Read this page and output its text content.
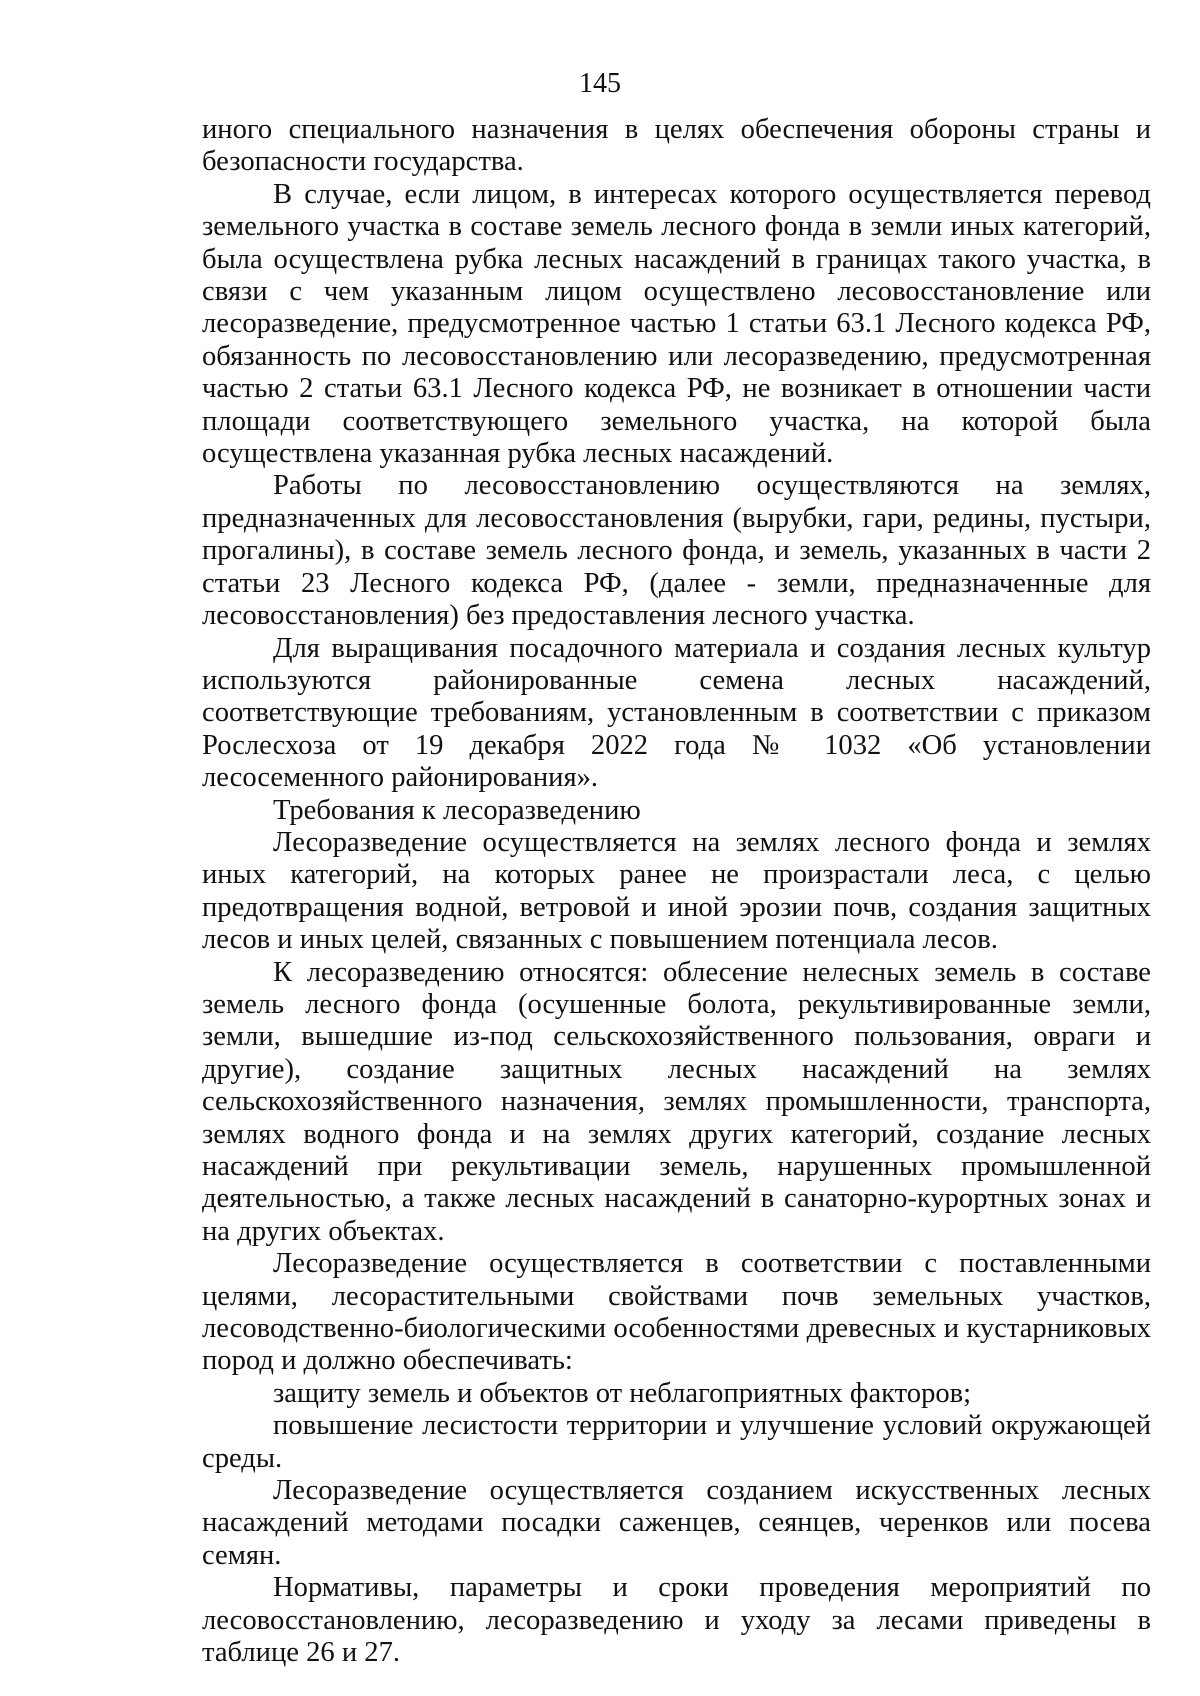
145

иного специального назначения в целях обеспечения обороны страны и безопасности государства.

В случае, если лицом, в интересах которого осуществляется перевод земельного участка в составе земель лесного фонда в земли иных категорий, была осуществлена рубка лесных насаждений в границах такого участка, в связи с чем указанным лицом осуществлено лесовосстановление или лесоразведение, предусмотренное частью 1 статьи 63.1 Лесного кодекса РФ, обязанность по лесовосстановлению или лесоразведению, предусмотренная частью 2 статьи 63.1 Лесного кодекса РФ, не возникает в отношении части площади соответствующего земельного участка, на которой была осуществлена указанная рубка лесных насаждений.

Работы по лесовосстановлению осуществляются на землях, предназначенных для лесовосстановления (вырубки, гари, редины, пустыри, прогалины), в составе земель лесного фонда, и земель, указанных в части 2 статьи 23 Лесного кодекса РФ, (далее - земли, предназначенные для лесовосстановления) без предоставления лесного участка.

Для выращивания посадочного материала и создания лесных культур используются районированные семена лесных насаждений, соответствующие требованиям, установленным в соответствии с приказом Рослесхоза от 19 декабря 2022 года № 1032 «Об установлении лесосеменного районирования».

Требования к лесоразведению

Лесоразведение осуществляется на землях лесного фонда и землях иных категорий, на которых ранее не произрастали леса, с целью предотвращения водной, ветровой и иной эрозии почв, создания защитных лесов и иных целей, связанных с повышением потенциала лесов.

К лесоразведению относятся: облесение нелесных земель в составе земель лесного фонда (осушенные болота, рекультивированные земли, земли, вышедшие из-под сельскохозяйственного пользования, овраги и другие), создание защитных лесных насаждений на землях сельскохозяйственного назначения, землях промышленности, транспорта, землях водного фонда и на землях других категорий, создание лесных насаждений при рекультивации земель, нарушенных промышленной деятельностью, а также лесных насаждений в санаторно-курортных зонах и на других объектах.

Лесоразведение осуществляется в соответствии с поставленными целями, лесорастительными свойствами почв земельных участков, лесоводственно-биологическими особенностями древесных и кустарниковых пород и должно обеспечивать:

защиту земель и объектов от неблагоприятных факторов;

повышение лесистости территории и улучшение условий окружающей среды.

Лесоразведение осуществляется созданием искусственных лесных насаждений методами посадки саженцев, сеянцев, черенков или посева семян.

Нормативы, параметры и сроки проведения мероприятий по лесовосстановлению, лесоразведению и уходу за лесами приведены в таблице 26 и 27.
